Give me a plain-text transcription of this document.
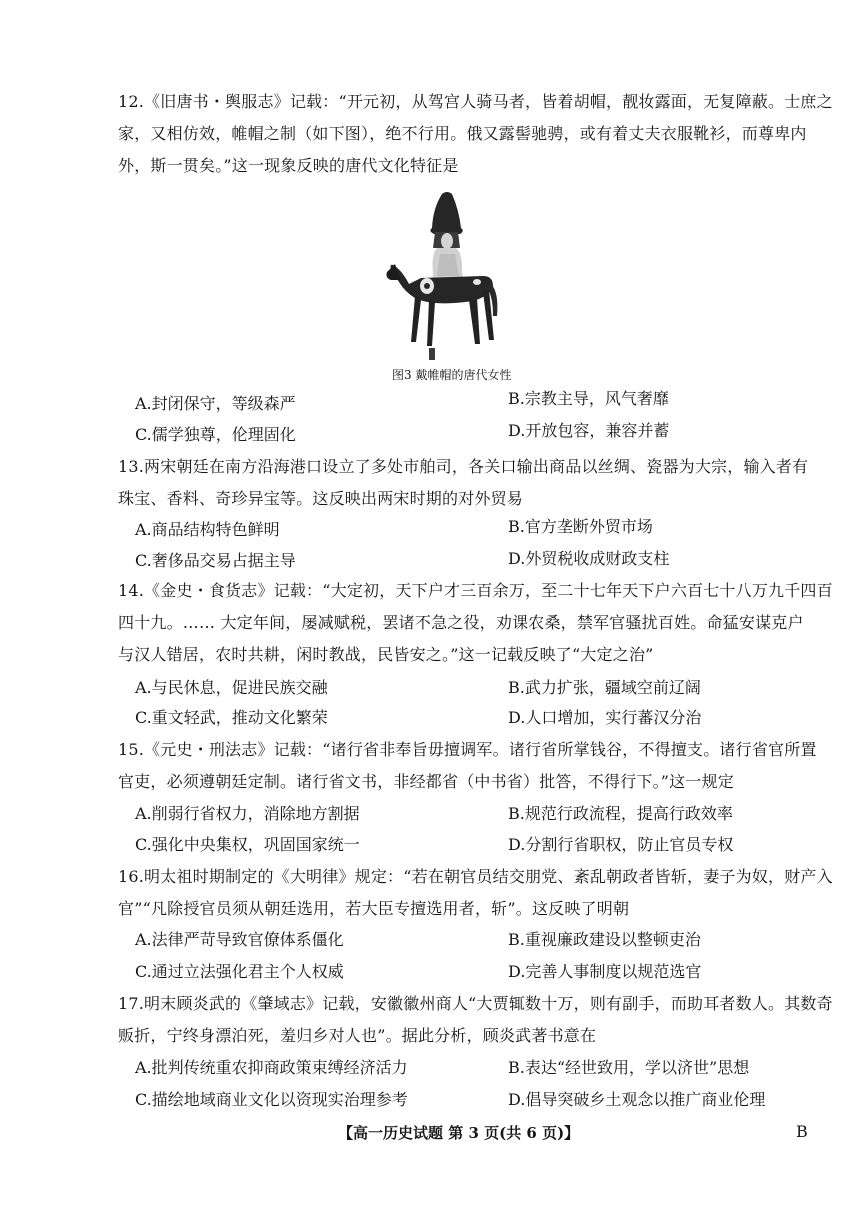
12.《旧唐书・舆服志》记载：“开元初，从驾宫人骑马者，皆着胡帽，靓妆露面，无复障蔽。士庶之
家，又相仿效，帷帽之制（如下图），绝不行用。俄又露髻驰骋，或有着丈夫衣服靴衫，而尊卑内
外，斯一贯矣。”这一现象反映的唐代文化特征是
图3 戴帷帽的唐代女性
A.封闭保守，等级森严	B.宗教主导，风气奢靡
C.儒学独尊，伦理固化	D.开放包容，兼容并蓄
13.两宋朝廷在南方沿海港口设立了多处市舶司，各关口输出商品以丝绸、瓷器为大宗，输入者有
珠宝、香料、奇珍异宝等。这反映出两宋时期的对外贸易
A.商品结构特色鲜明	B.官方垄断外贸市场
C.奢侈品交易占据主导	D.外贸税收成财政支柱
14.《金史・食货志》记载：“大定初，天下户才三百余万，至二十七年天下户六百七十八万九千四百
四十九。…… 大定年间，屡减赋税，罢诸不急之役，劝课农桑，禁军官骚扰百姓。命猛安谋克户
与汉人错居，农时共耕，闲时教战，民皆安之。”这一记载反映了“大定之治”
A.与民休息，促进民族交融	B.武力扩张，疆域空前辽阔
C.重文轻武，推动文化繁荣	D.人口增加，实行蕃汉分治
15.《元史・刑法志》记载：“诸行省非奉旨毋擅调军。诸行省所掌钱谷，不得擅支。诸行省官所置
官吏，必须遵朝廷定制。诸行省文书，非经都省（中书省）批答，不得行下。”这一规定
A.削弱行省权力，消除地方割据	B.规范行政流程，提高行政效率
C.强化中央集权，巩固国家统一	D.分割行省职权，防止官员专权
16.明太祖时期制定的《大明律》规定：“若在朝官员结交朋党、紊乱朝政者皆斩，妻子为奴，财产入
官”“凡除授官员须从朝廷选用，若大臣专擅选用者，斩”。这反映了明朝
A.法律严苛导致官僚体系僵化	B.重视廉政建设以整顿吏治
C.通过立法强化君主个人权威	D.完善人事制度以规范选官
17.明末顾炎武的《肇域志》记载，安徽徽州商人“大贾辄数十万，则有副手，而助耳者数人。其数奇
贩折，宁终身漂泊死，羞归乡对人也”。据此分析，顾炎武著书意在
A.批判传统重农抑商政策束缚经济活力	B.表达“经世致用，学以济世”思想
C.描绘地域商业文化以资现实治理参考	D.倡导突破乡土观念以推广商业伦理
【高一历史试题 第 3 页(共 6 页)】	B
